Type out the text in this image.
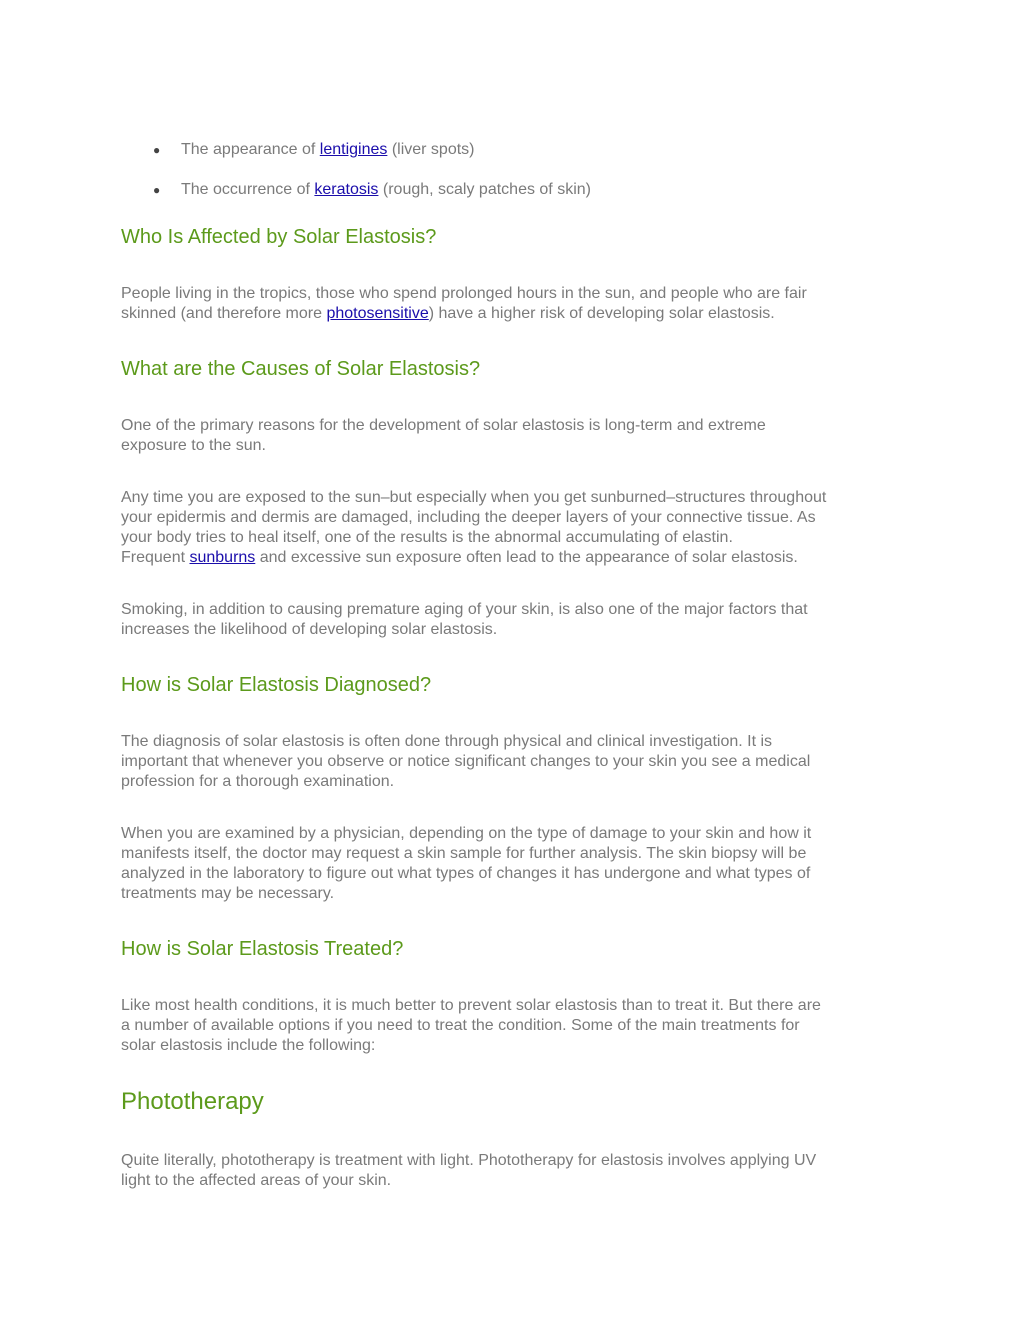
● The appearance of lentigines (liver spots)
● The occurrence of keratosis (rough, scaly patches of skin)
Who Is Affected by Solar Elastosis?

People living in the tropics, those who spend prolonged hours in the sun, and people who are fair
skinned (and therefore more photosensitive) have a higher risk of developing solar elastosis.

What are the Causes of Solar Elastosis?

One of the primary reasons for the development of solar elastosis is long-term and extreme
exposure to the sun.

Any time you are exposed to the sun–but especially when you get sunburned–structures throughout
your epidermis and dermis are damaged, including the deeper layers of your connective tissue. As
your body tries to heal itself, one of the results is the abnormal accumulating of elastin.
Frequent sunburns and excessive sun exposure often lead to the appearance of solar elastosis.

Smoking, in addition to causing premature aging of your skin, is also one of the major factors that
increases the likelihood of developing solar elastosis.

How is Solar Elastosis Diagnosed?

The diagnosis of solar elastosis is often done through physical and clinical investigation. It is
important that whenever you observe or notice significant changes to your skin you see a medical
profession for a thorough examination.

When you are examined by a physician, depending on the type of damage to your skin and how it
manifests itself, the doctor may request a skin sample for further analysis. The skin biopsy will be
analyzed in the laboratory to figure out what types of changes it has undergone and what types of
treatments may be necessary.

How is Solar Elastosis Treated?

Like most health conditions, it is much better to prevent solar elastosis than to treat it. But there are
a number of available options if you need to treat the condition. Some of the main treatments for
solar elastosis include the following:

Phototherapy

Quite literally, phototherapy is treatment with light. Phototherapy for elastosis involves applying UV
light to the affected areas of your skin.
